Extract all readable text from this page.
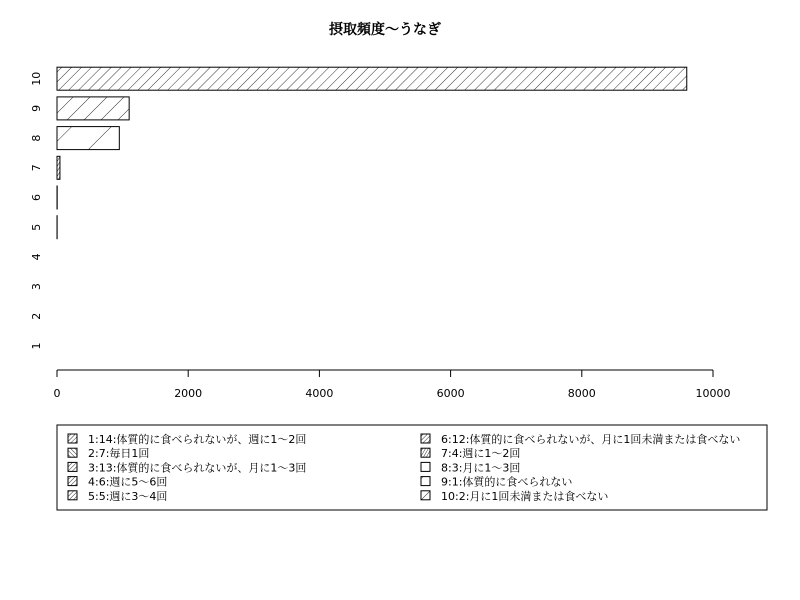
摂取頻度～うなぎ
1
2
3
4
5
6
7
8
9
10
0	2000	4000	6000	8000	10000
1:14:体質的に食べられないが、週に1～2回
2:7:毎日1回
3:13:体質的に食べられないが、月に1～3回
4:6:週に5～6回
5:5:週に3～4回
6:12:体質的に食べられないが、月に1回未満または食べない
7:4:週に1～2回
8:3:月に1～3回
9:1:体質的に食べられない
10:2:月に1回未満または食べない
